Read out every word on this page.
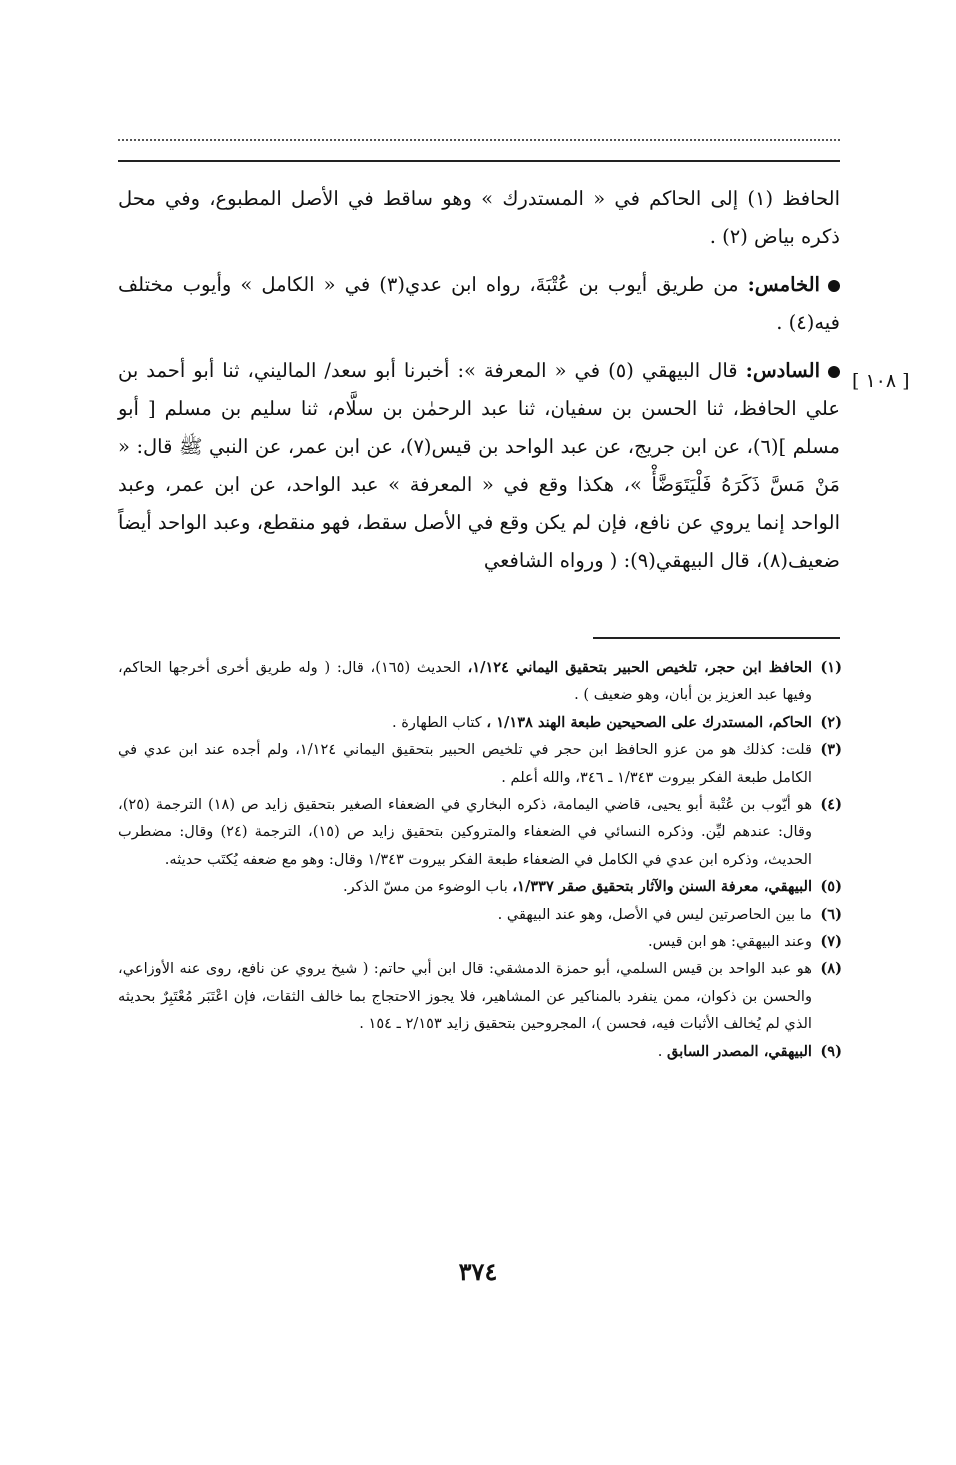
[ ١٠٨ ]

الحافظ (١) إلى الحاكم في « المستدرك » وهو ساقط في الأصل المطبوع، وفي محل ذكره بياض (٢) .

الخامس: من طريق أيوب بن عُتْبَةَ، رواه ابن عدي(٣) في « الكامل » وأيوب مختلف فيه(٤) .

السادس: قال البيهقي (٥) في « المعرفة »: أخبرنا أبو سعد/ الماليني، ثنا أبو أحمد بن علي الحافظ، ثنا الحسن بن سفيان، ثنا عبد الرحمٰن بن سلَّام، ثنا سليم بن مسلم [ أبو مسلم ](٦)، عن ابن جريج، عن عبد الواحد بن قيس(٧)، عن ابن عمر، عن النبي ﷺ قال: « مَنْ مَسَّ ذَكَرَهُ فَلْيَتَوَضَّأْ »، هكذا وقع في « المعرفة » عبد الواحد، عن ابن عمر، وعبد الواحد إنما يروي عن نافع، فإن لم يكن وقع في الأصل سقط، فهو منقطع، وعبد الواحد أيضاً ضعيف(٨)، قال البيهقي(٩): ( ورواه الشافعي

(١)
الحافظ ابن حجر، تلخيص الحبير بتحقيق اليماني ١/١٢٤، الحديث (١٦٥)، قال: ( وله طريق أخرى أخرجها الحاكم، وفيها عبد العزيز بن أبان، وهو ضعيف ) .
(٢)
الحاكم، المستدرك على الصحيحين طبعة الهند ١/١٣٨ ، كتاب الطهارة .
(٣)
قلت: كذلك هو من عزو الحافظ ابن حجر في تلخيص الحبير بتحقيق اليماني ١/١٢٤، ولم أجده عند ابن عدي في الكامل طبعة الفكر بيروت ١/٣٤٣ ـ ٣٤٦، والله أعلم .
(٤)
هو أيّوب بن عُتْبة أبو يحيى، قاضي اليمامة، ذكره البخاري في الضعفاء الصغير بتحقيق زايد ص (١٨) الترجمة (٢٥)، وقال: عندهم ليِّن. وذكره النسائي في الضعفاء والمتروكين بتحقيق زايد ص (١٥)، الترجمة (٢٤) وقال: مضطرب الحديث، وذكره ابن عدي في الكامل في الضعفاء طبعة الفكر بيروت ١/٣٤٣ وقال: وهو مع ضعفه يُكتَب حديثه.
(٥)
البيهقي، معرفة السنن والآثار بتحقيق صقر ١/٣٣٧، باب الوضوء من مسّ الذكر.
(٦)
ما بين الحاصرتين ليس في الأصل، وهو عند البيهقي .
(٧)
وعند البيهقي: هو ابن قيس.
(٨)
هو عبد الواحد بن قيس السلمي، أبو حمزة الدمشقي: قال ابن أبي حاتم: ( شيخ يروي عن نافع، روى عنه الأوزاعي، والحسن بن ذكوان، ممن ينفرد بالمناكير عن المشاهير، فلا يجوز الاحتجاج بما خالف الثقات، فإن اعْتَبَر مُعْتَبِرٌ بحديثه الذي لم يُخالف الأثبات فيه، فحسن )، المجروحين بتحقيق زايد ٢/١٥٣ ـ ١٥٤ .
(٩)
البيهقي، المصدر السابق .
٣٧٤
